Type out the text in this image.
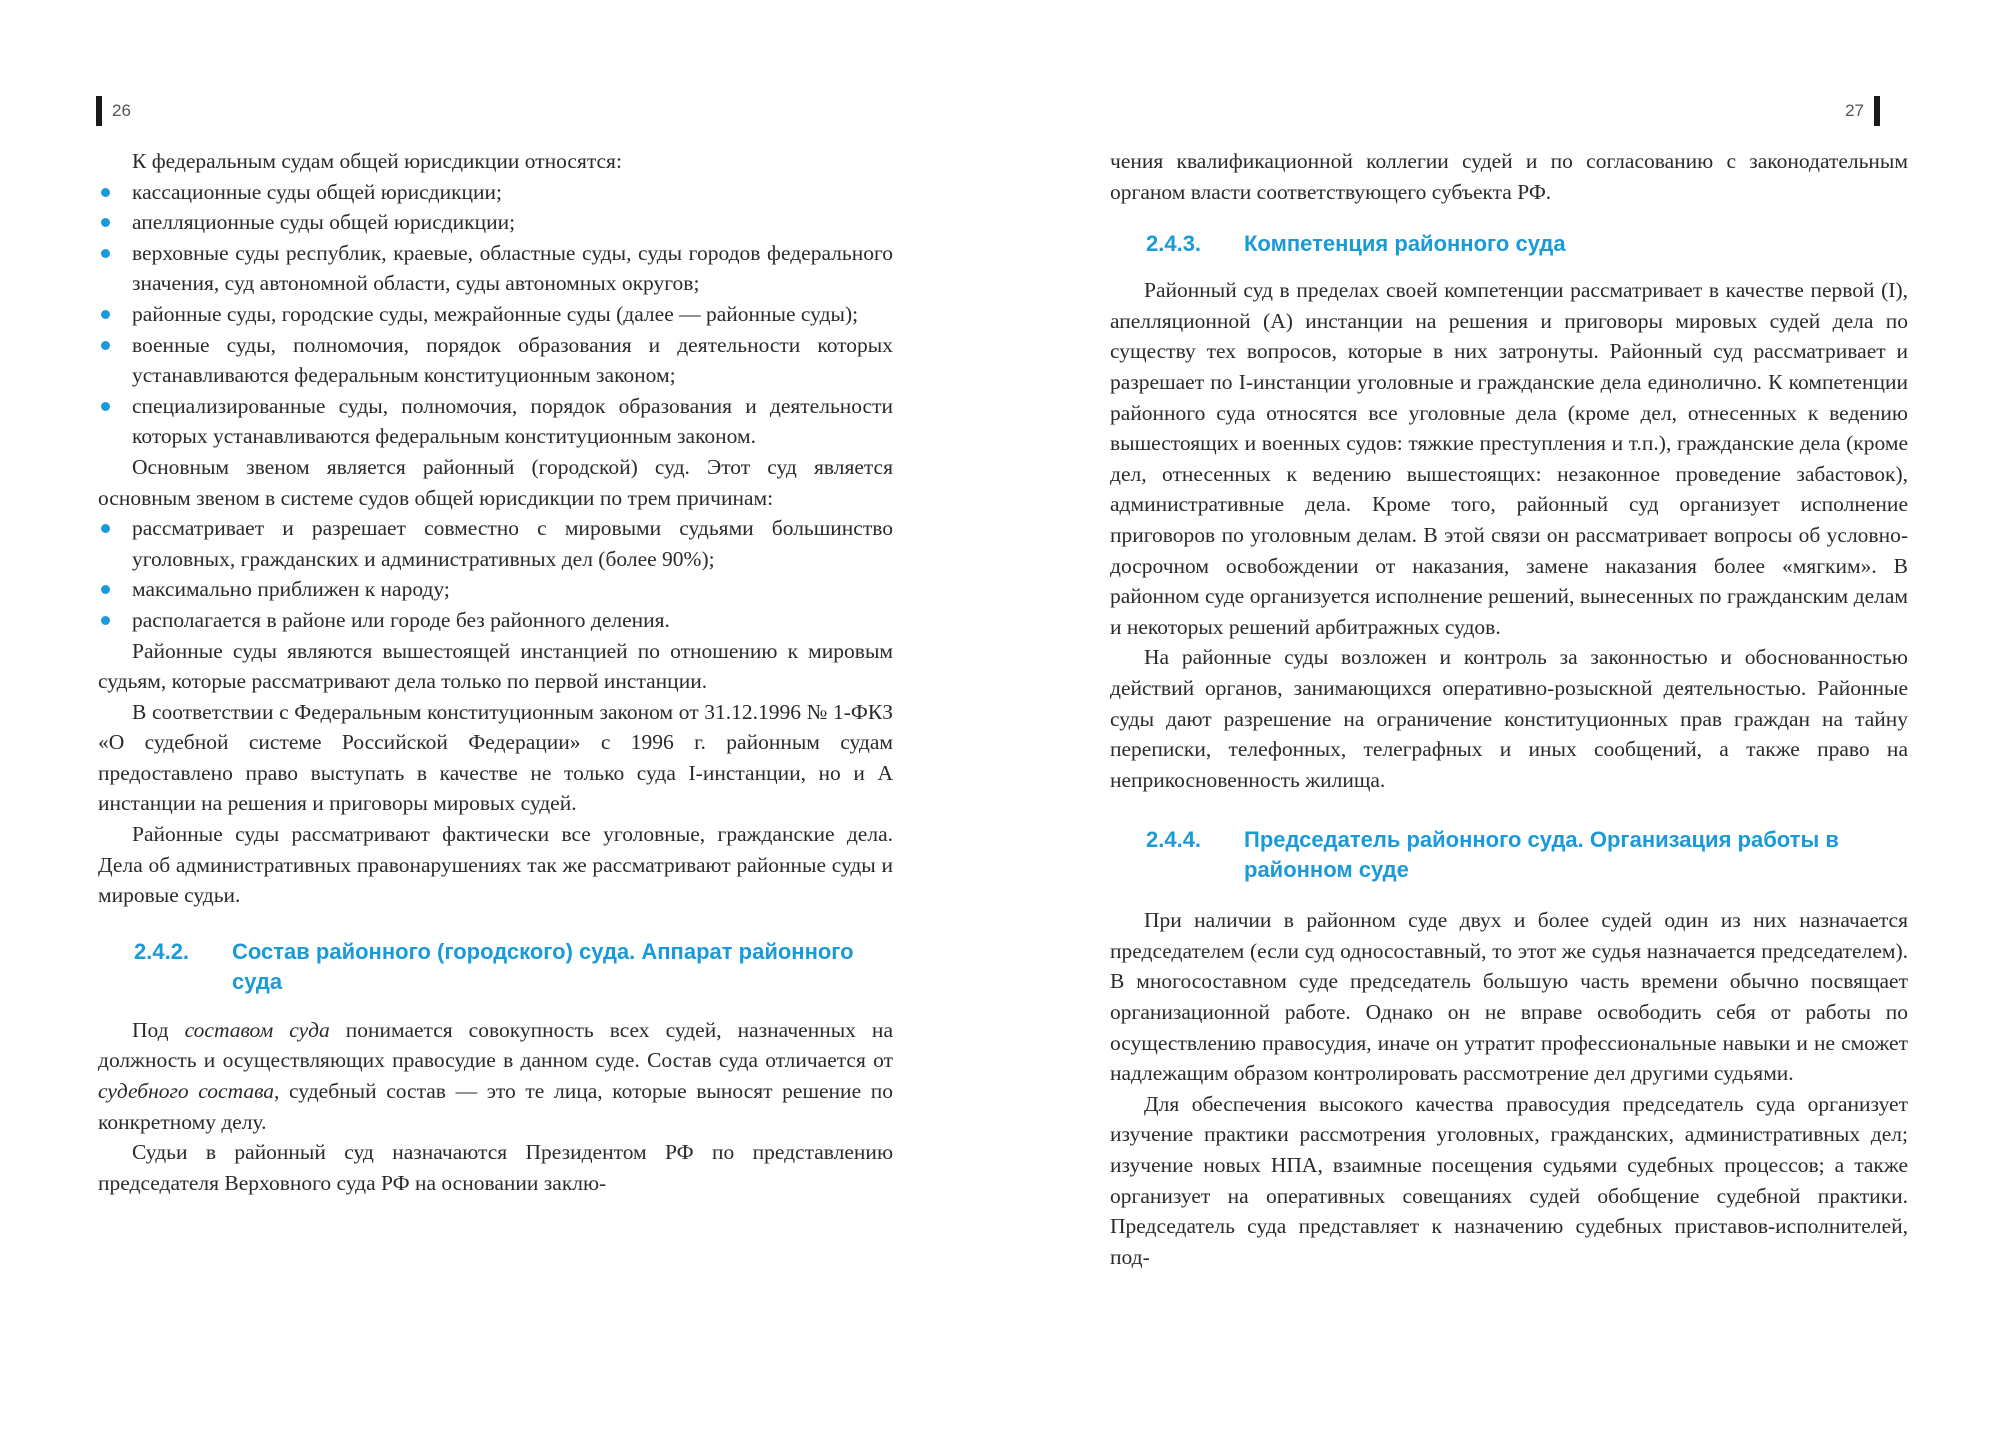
26

К федеральным судам общей юрисдикции относятся:

кассационные суды общей юрисдикции;
апелляционные суды общей юрисдикции;
верховные суды республик, краевые, областные суды, суды городов федерального значения, суд автономной области, суды автономных округов;
районные суды, городские суды, межрайонные суды (далее — районные суды);
военные суды, полномочия, порядок образования и деятельности которых устанавливаются федеральным конституционным законом;
специализированные суды, полномочия, порядок образования и деятельности которых устанавливаются федеральным конституционным законом.

Основным звеном является районный (городской) суд. Этот суд является основным звеном в системе судов общей юрисдикции по трем причинам:

рассматривает и разрешает совместно с мировыми судьями большинство уголовных, гражданских и административных дел (более 90%);
максимально приближен к народу;
располагается в районе или городе без районного деления.

Районные суды являются вышестоящей инстанцией по отношению к мировым судьям, которые рассматривают дела только по первой инстанции.

В соответствии с Федеральным конституционным законом от 31.12.1996 № 1-ФКЗ «О судебной системе Российской Федерации» с 1996 г. районным судам предоставлено право выступать в качестве не только суда I-инстанции, но и А инстанции на решения и приговоры мировых судей.

Районные суды рассматривают фактически все уголовные, гражданские дела. Дела об административных правонарушениях так же рассматривают районные суды и мировые судьи.

2.4.2.	Состав районного (городского) суда. Аппарат районного суда

Под составом суда понимается совокупность всех судей, назначенных на должность и осуществляющих правосудие в данном суде. Состав суда отличается от судебного состава, судебный состав — это те лица, которые выносят решение по конкретному делу.

Судьи в районный суд назначаются Президентом РФ по представлению председателя Верховного суда РФ на основании заклю-

27

чения квалификационной коллегии судей и по согласованию с законодательным органом власти соответствующего субъекта РФ.

2.4.3.	Компетенция районного суда

Районный суд в пределах своей компетенции рассматривает в качестве первой (I), апелляционной (А) инстанции на решения и приговоры мировых судей дела по существу тех вопросов, которые в них затронуты. Районный суд рассматривает и разрешает по I-инстанции уголовные и гражданские дела единолично. К компетенции районного суда относятся все уголовные дела (кроме дел, отнесенных к ведению вышестоящих и военных судов: тяжкие преступления и т.п.), гражданские дела (кроме дел, отнесенных к ведению вышестоящих: незаконное проведение забастовок), административные дела. Кроме того, районный суд организует исполнение приговоров по уголовным делам. В этой связи он рассматривает вопросы об условно-досрочном освобождении от наказания, замене наказания более «мягким». В районном суде организуется исполнение решений, вынесенных по гражданским делам и некоторых решений арбитражных судов.

На районные суды возложен и контроль за законностью и обоснованностью действий органов, занимающихся оперативно-розыскной деятельностью. Районные суды дают разрешение на ограничение конституционных прав граждан на тайну переписки, телефонных, телеграфных и иных сообщений, а также право на неприкосновенность жилища.

2.4.4.	Председатель районного суда. Организация работы в районном суде

При наличии в районном суде двух и более судей один из них назначается председателем (если суд односоставный, то этот же судья назначается председателем). В многосоставном суде председатель большую часть времени обычно посвящает организационной работе. Однако он не вправе освободить себя от работы по осуществлению правосудия, иначе он утратит профессиональные навыки и не сможет надлежащим образом контролировать рассмотрение дел другими судьями.

Для обеспечения высокого качества правосудия председатель суда организует изучение практики рассмотрения уголовных, гражданских, административных дел; изучение новых НПА, взаимные посещения судьями судебных процессов; а также организует на оперативных совещаниях судей обобщение судебной практики. Председатель суда представляет к назначению судебных приставов-исполнителей, под-
